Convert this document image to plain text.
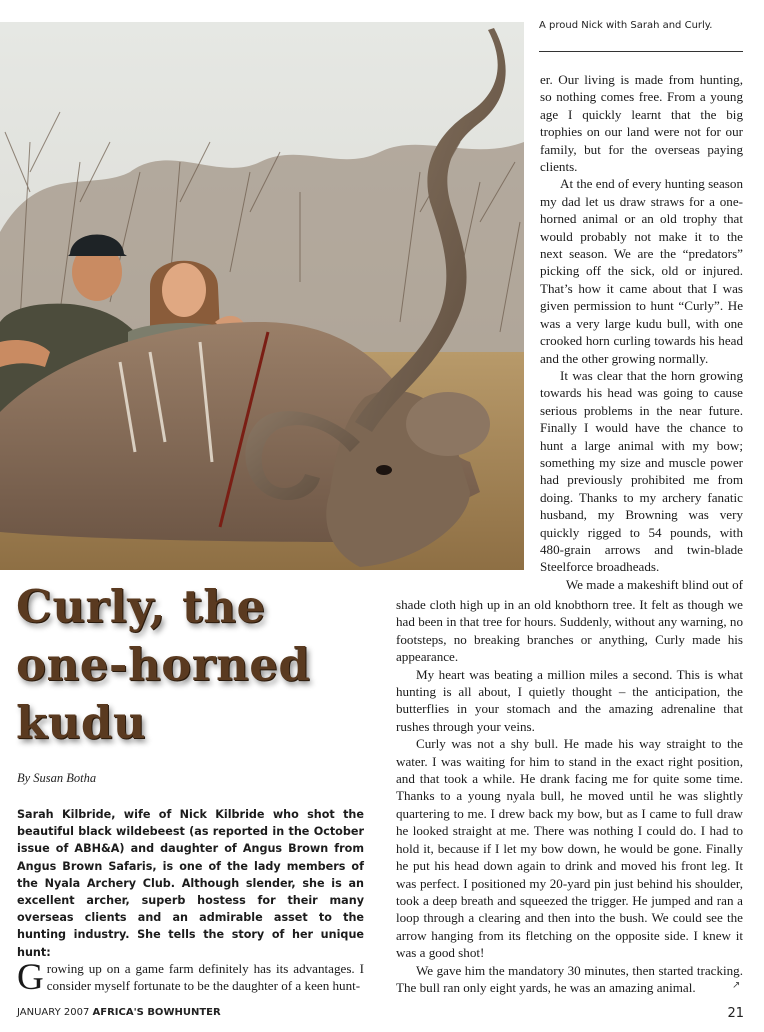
A proud Nick with Sarah and Curly.

er. Our living is made from hunting, so nothing comes free. From a young age I quickly learnt that the big trophies on our land were not for our family, but for the overseas paying clients.

At the end of every hunting season my dad let us draw straws for a one-horned animal or an old trophy that would probably not make it to the next season. We are the “predators” picking off the sick, old or injured. That’s how it came about that I was given permission to hunt “Curly”. He was a very large kudu bull, with one crooked horn curling towards his head and the other growing normally.

It was clear that the horn growing towards his head was going to cause serious problems in the near future. Finally I would have the chance to hunt a large animal with my bow; something my size and muscle power had previously prohibited me from doing. Thanks to my archery fanatic husband, my Browning was very quickly rigged to 54 pounds, with 480-grain arrows and twin-blade Steelforce broadheads.

We made a makeshift blind out of

Curly, the one-horned kudu
By Susan Botha

Sarah Kilbride, wife of Nick Kilbride who shot the beautiful black wildebeest (as reported in the October issue of ABH&A) and daughter of Angus Brown from Angus Brown Safaris, is one of the lady members of the Nyala Archery Club. Although slender, she is an excellent archer, superb hostess for their many overseas clients and an admirable asset to the hunting industry. She tells the story of her unique hunt:

Growing up on a game farm definitely has its advantages. I consider myself fortunate to be the daughter of a keen hunt-

shade cloth high up in an old knobthorn tree. It felt as though we had been in that tree for hours. Suddenly, without any warning, no footsteps, no breaking branches or anything, Curly made his appearance.

My heart was beating a million miles a second. This is what hunting is all about, I quietly thought – the anticipation, the butterflies in your stomach and the amazing adrenaline that rushes through your veins.

Curly was not a shy bull. He made his way straight to the water. I was waiting for him to stand in the exact right position, and that took a while. He drank facing me for quite some time. Thanks to a young nyala bull, he moved until he was slightly quartering to me. I drew back my bow, but as I came to full draw he looked straight at me. There was nothing I could do. I had to hold it, because if I let my bow down, he would be gone. Finally he put his head down again to drink and moved his front leg. It was perfect. I positioned my 20-yard pin just behind his shoulder, took a deep breath and squeezed the trigger. He jumped and ran a loop through a clearing and then into the bush. We could see the arrow hanging from its fletching on the opposite side. I knew it was a good shot!

We gave him the mandatory 30 minutes, then started tracking. The bull ran only eight yards, he was an amazing animal.	↗
JANUARY 2007 AFRICA'S BOWHUNTER	21
